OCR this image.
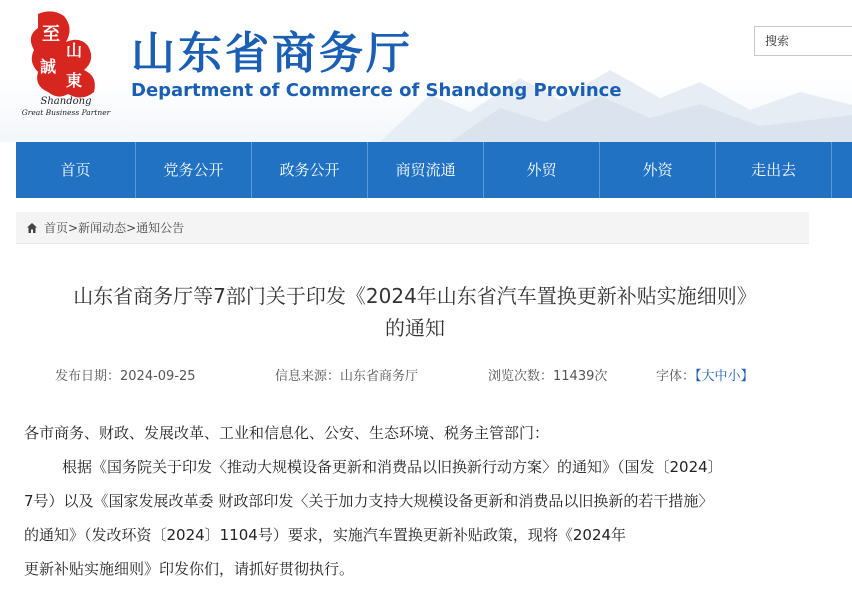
至
山
誠
東
Shandong
Great Business Partner
山东省商务厅
Department of Commerce of Shandong Province
搜索
首页	党务公开	政务公开	商贸流通	外贸	外资	走出去
首页 > 新闻动态 > 通知公告
山东省商务厅等7部门关于印发《2024年山东省汽车置换更新补贴实施细则》
的通知
发布日期：2024-09-25	信息来源：山东省商务厅	浏览次数：11439次	字体：【大中小】
各市商务、财政、发展改革、工业和信息化、公安、生态环境、税务主管部门：
根据《国务院关于印发〈推动大规模设备更新和消费品以旧换新行动方案〉的通知》（国发〔2024〕
7号）以及《国家发展改革委 财政部印发〈关于加力支持大规模设备更新和消费品以旧换新的若干措施〉
的通知》（发改环资〔2024〕1104号）要求，实施汽车置换更新补贴政策，现将《2024年
更新补贴实施细则》印发你们，请抓好贯彻执行。
